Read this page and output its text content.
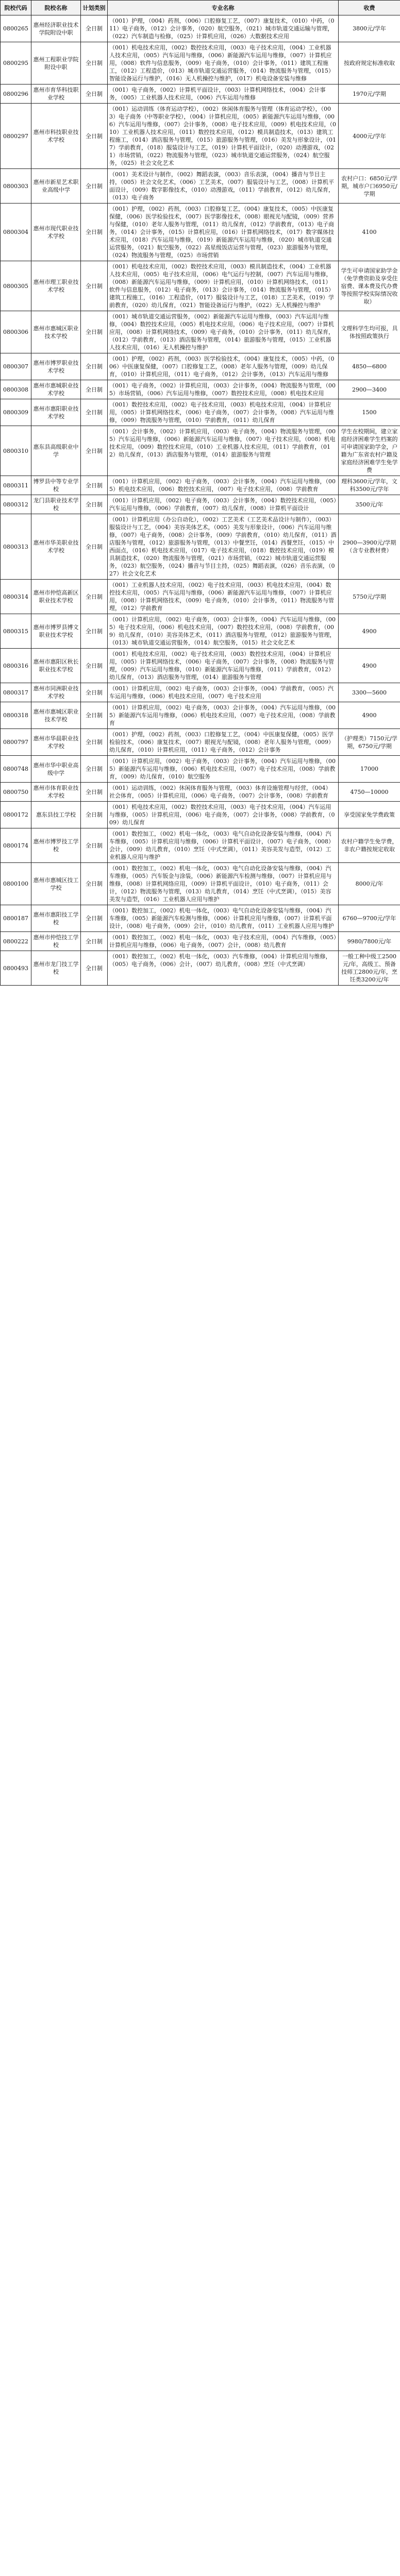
院校代码	院校名称	计划类别	专业名称	收费
0800265	惠州经济职业技术学院附设中职	全日制	（001）护理，（004）药剂，（006）口腔修复工艺，（007）康复技术，（010）中药，（011）电子商务，（012）会计事务，（020）航空服务，（021）城市轨道交通运输与管理，（022）汽车制造与检修，（025）计算机应用，（026）大数据技术应用	3800元/学年
0800295	惠州工程职业学院附设中职	全日制	（001）机电技术应用，（002）数控技术应用，（003）电子技术应用，（004）工业机器人技术应用，（005）汽车运用与维修，（006）新能源汽车运用与维修，（007）计算机应用，（008）软件与信息服务，（009）电子商务，（010）会计事务，（011）建筑工程施工，（012）工程造价，（013）城市轨道交通运营服务，（014）物流服务与管理，（015）智能设备运行与维护，（016）无人机操控与维护，（017）机电设备安装与维修	按政府规定标准收取
0800296	惠州市育华科技职业学校	全日制	（001）电子商务，（002）计算机平面设计，（003）计算机网络技术，（004）会计事务，（005）工业机器人技术应用，（006）汽车运用与维修	1970元/学期
0800297	惠州市科技职业技术学校	全日制	（001）运动训练（体育运动学校），（002）休闲体育服务与管理（体育运动学校），（003）电子商务（中等职业学校），（004）计算机应用，（005）新能源汽车运用与维修，（006）汽车运用与维修，（007）会计事务，（008）电子技术应用，（009）机电技术应用，（010）工业机器人技术应用，（011）数控技术应用，（012）模具制造技术，（013）建筑工程施工，（014）酒店服务与管理，（015）旅游服务与管理，（016）美发与形象设计，（017）学前教育，（018）服装设计与工艺，（019）计算机平面设计，（020）动漫游戏，（021）市场营销，（022）物流服务与管理，（023）城市轨道交通运营服务，（024）航空服务，（025）社会文化艺术	4000元/学年
0800303	惠州市新星艺术职业高级中学	全日制	（001）美术设计与制作，（002）舞蹈表演，（003）音乐表演，（004）播音与节目主持，（005）社会文化艺术，（006）工艺美术，（007）服装设计与工艺，（008）计算机平面设计，（009）数字影像技术，（010）动漫游戏，（011）学前教育，（012）幼儿保育，（013）电子商务	农村户口：6850元/学期，城市户口6950元/学期
0800304	惠州市现代职业技术学校	全日制	（001）护理，（002）药剂，（003）口腔修复工艺，（004）康复技术，（005）中医康复保健，（006）医学检验技术，（007）医学影像技术，（008）眼视光与配镜，（009）营养与保健，（010）老年人服务与管理，（011）幼儿保育，（012）学前教育，（013）电子商务，（014）会计事务，（015）计算机应用，（016）计算机网络技术，（017）数字媒体技术应用，（018）汽车运用与维修，（019）新能源汽车运用与维修，（020）城市轨道交通运营服务，（021）航空服务，（022）高星级饭店运营与管理，（023）旅游服务与管理，（024）物流服务与管理，（025）市场营销	4100
0800305	惠州市理工职业技术学校	全日制	（001）机电技术应用，（002）数控技术应用，（003）模具制造技术，（004）工业机器人技术应用，（005）电子技术应用，（006）电气运行与控制，（007）汽车运用与维修，（008）新能源汽车运用与维修，（009）计算机应用，（010）计算机网络技术，（011）软件与信息服务，（012）电子商务，（013）会计事务，（014）物流服务与管理，（015）建筑工程施工，（016）工程造价，（017）服装设计与工艺，（018）工艺美术，（019）学前教育，（020）幼儿保育，（021）智能设备运行与维护，（022）无人机操控与维护	学生可申请国家助学金（免学费资助及享受住宿费、课本费及代办费等按照学校实际情况收取）
0800306	惠州市惠城区职业技术学校	全日制	（001）城市轨道交通运营服务，（002）新能源汽车运用与维修，（003）汽车运用与维修，（004）数控技术应用，（005）机电技术应用，（006）电子技术应用，（007）计算机应用，（008）计算机网络技术，（009）电子商务，（010）会计事务，（011）幼儿保育，（012）学前教育，（013）酒店服务与管理，（014）旅游服务与管理，（015）工业机器人技术应用，（016）无人机操控与维护	文理科学生均可报，具体按照政策执行
0800307	惠州市博罗职业技术学校	全日制	（001）护理，（002）药剂，（003）医学检验技术，（004）康复技术，（005）中药，（006）中医康复保健，（007）口腔修复工艺，（008）老年人服务与管理，（009）幼儿保育，（010）计算机应用，（011）电子商务，（012）会计事务，（013）汽车运用与维修	4850—6800
0800308	惠州市惠城职业技术学校	全日制	（001）电子商务，（002）计算机应用，（003）会计事务，（004）物流服务与管理，（005）市场营销，（006）汽车运用与维修，（007）数控技术应用，（008）机电技术应用	2900—3400
0800309	惠州市惠阳职业技术学校	全日制	（001）数控技术应用，（002）电子技术应用，（003）机电技术应用，（004）计算机应用，（005）计算机网络技术，（006）电子商务，（007）会计事务，（008）汽车运用与维修，（009）物流服务与管理，（010）学前教育，（011）幼儿保育	1500
0800310	惠东县高级职业中学	全日制	（001）会计事务，（002）计算机应用，（003）电子商务，（004）物流服务与管理，（005）汽车运用与维修，（006）新能源汽车运用与维修，（007）电子技术应用，（008）机电技术应用，（009）数控技术应用，（010）工业机器人技术应用，（011）学前教育，（012）幼儿保育，（013）酒店服务与管理，（014）旅游服务与管理	学生在校期间，建立家庭经济困难学生档案的可申请国家助学金，户籍为广东省农村户籍及家庭经济困难学生免学费
0800311	博罗县中等专业学校	全日制	（001）计算机应用，（002）电子商务，（003）会计事务，（004）汽车运用与维修，（005）机电技术应用，（006）数控技术应用，（007）电子技术应用，（008）学前教育	理科3600元/学年，文科3500元/学年
0800312	龙门县职业技术学校	全日制	（001）计算机应用，（002）电子商务，（003）会计事务，（004）数控技术应用，（005）汽车运用与维修，（006）学前教育，（007）幼儿保育，（008）计算机平面设计	3500元/年
0800313	惠州市华美职业技术学校	全日制	（001）计算机应用（办公自动化），（002）工艺美术（工艺美术品设计与制作），（003）服装设计与工艺，（004）美容美体艺术，（005）美发与形象设计，（006）汽车运用与维修，（007）电子商务，（008）会计事务，（009）学前教育，（010）幼儿保育，（011）酒店服务与管理，（012）旅游服务与管理，（013）中餐烹饪，（014）西餐烹饪，（015）中西面点，（016）机电技术应用，（017）电子技术应用，（018）数控技术应用，（019）模具制造技术，（020）物流服务与管理，（021）市场营销，（022）城市轨道交通运营服务，（023）航空服务，（024）播音与节目主持，（025）舞蹈表演，（026）音乐表演，（027）社会文化艺术	2900—3900元/学期（含专业教材费）
0800314	惠州市仲恺高新区职业技术学校	全日制	（001）工业机器人技术应用，（002）电子技术应用，（003）机电技术应用，（004）数控技术应用，（005）汽车运用与维修，（006）新能源汽车运用与维修，（007）计算机应用，（008）计算机网络技术，（009）电子商务，（010）会计事务，（011）物流服务与管理，（012）学前教育	5750元/学期
0800315	惠州市博罗县博文职业技术学校	全日制	（001）计算机应用，（002）电子商务，（003）会计事务，（004）汽车运用与维修，（005）电子技术应用，（006）机电技术应用，（007）数控技术应用，（008）学前教育，（009）幼儿保育，（010）美容美体艺术，（011）酒店服务与管理，（012）旅游服务与管理，（013）城市轨道交通运营服务，（014）航空服务，（015）社会文化艺术	4900
0800316	惠州市惠阳区秋长职业技术学校	全日制	（001）机电技术应用，（002）电子技术应用，（003）数控技术应用，（004）计算机应用，（005）计算机网络技术，（006）电子商务，（007）会计事务，（008）物流服务与管理，（009）汽车运用与维修，（010）新能源汽车运用与维修，（011）学前教育，（012）幼儿保育，（013）酒店服务与管理，（014）旅游服务与管理	4900
0800317	惠州市同洲职业技术学校	全日制	（001）计算机应用，（002）电子商务，（003）会计事务，（004）学前教育，（005）汽车运用与维修，（006）机电技术应用，（007）电子技术应用	3300—5600
0800318	惠州市惠城区职业技术学校	全日制	（001）计算机应用，（002）电子商务，（003）会计事务，（004）汽车运用与维修，（005）新能源汽车运用与维修，（006）机电技术应用，（007）电子技术应用，（008）学前教育	4900
0800797	惠州市华晨职业技术学校	全日制	（001）护理，（002）药剂，（003）口腔修复工艺，（004）中医康复保健，（005）医学检验技术，（006）康复技术，（007）眼视光与配镜，（008）老年人服务与管理，（009）幼儿保育，（010）计算机应用，（011）电子商务，（012）会计事务	（护理类）7150元/学期，6750元/学期
0800748	惠州市华中职业高级中学	全日制	（001）计算机应用，（002）电子商务，（003）会计事务，（004）汽车运用与维修，（005）新能源汽车运用与维修，（006）机电技术应用，（007）电子技术应用，（008）学前教育，（009）幼儿保育，（010）航空服务	17000
0800750	惠州市体育职业技术学校	全日制	（001）运动训练，（002）休闲体育服务与管理，（003）体育设施管理与经营，（004）社会体育，（005）计算机应用，（006）电子商务，（007）会计事务，（008）学前教育	4750—10000
0800172	惠东县技工学校	全日制	（001）机电技术应用，（002）数控技术应用，（003）电子技术应用，（004）汽车运用与维修，（005）计算机应用，（006）电子商务，（007）会计事务，（008）学前教育，（009）幼儿保育	享受国家免学费政策
0800174	惠州市博罗技工学校	全日制	（001）数控加工，（002）机电一体化，（003）电气自动化设备安装与维修，（004）汽车维修，（005）计算机应用与维修，（006）计算机平面设计，（007）电子商务，（008）会计，（009）幼儿教育，（010）烹饪（中式烹调），（011）美容美发与造型，（012）工业机器人应用与维护	农村户籍学生免学费，非农户籍按规定收取
0800100	惠州市惠城区技工学校	全日制	（001）数控加工，（002）机电一体化，（003）电气自动化设备安装与维修，（004）汽车维修，（005）汽车钣金与涂装，（006）新能源汽车检测与维修，（007）计算机应用与维修，（008）计算机网络应用，（009）计算机平面设计，（010）电子商务，（011）会计，（012）物流服务与管理，（013）幼儿教育，（014）烹饪（中式烹调），（015）美容美发与造型，（016）工业机器人应用与维护	8000元/年
0800187	惠州市惠阳技工学校	全日制	（001）数控加工，（002）机电一体化，（003）电气自动化设备安装与维修，（004）汽车维修，（005）新能源汽车检测与维修，（006）计算机应用与维修，（007）计算机平面设计，（008）电子商务，（009）会计，（010）幼儿教育，（011）工业机器人应用与维护	6760—9700元/学年
0800222	惠州市仲恺技工学校	全日制	（001）数控加工，（002）机电一体化，（003）电子技术应用，（004）汽车维修，（005）计算机应用与维修，（006）电子商务，（007）会计，（008）幼儿教育	9980/7800元/年
0800493	惠州市龙门技工学校	全日制	（001）数控加工，（002）机电一体化，（003）汽车维修，（004）计算机应用与维修，（005）电子商务，（006）会计，（007）幼儿教育，（008）烹饪（中式烹调）	一般工种中级工2500元/年，高级工、预备技师工2800元/年，烹饪类3200元/年
